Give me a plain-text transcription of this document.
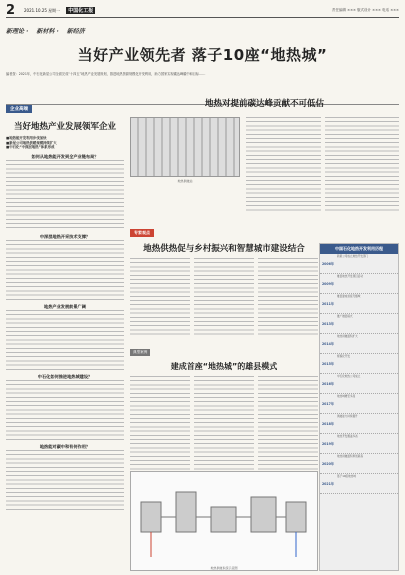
2	2021.10.25 星期一	中国化工报	责任编辑 ××× 版式设计 ××× 电话 ×××
新理论 · 新材料 · 新经济
当好产业领先者 落子10座“地热城”
编者按：2021年，中石化新星公司全面完成“十四五”地热产业发展规划，推进地热资源规模化开发利用，助力国家实现碳达峰碳中和目标……
企业高端
当好地热产业发展领军企业
■地热能开发利用步伐加快
■新星公司地热供暖规模持续扩大
■中石化“中深层地热”体系形成
如何从地热能开发到全产业链布局？
中深层地热开采技术支撑？
地热产业发展前景广阔
中石化如何推进地热城建设？
地热能对碳中和有何作用？
地热对提前碳达峰贡献不可低估
地热供暖站
专家观点
地热供热促与乡村振兴和智慧城市建设结合
典型案例
建成首座“地热城”的雄县模式
地热供暖系统示意图
中国石化地热开发利用历程
2006年
新星公司成立地热开发部门
2009年
雄县地热开发项目启动
2011年
雄县建成首座无烟城
2013年
推广雄县模式
2014年
地热供暖面积扩大
2015年
规模化开发
2016年
中石化地热公司成立
2017年
地热城增至多座
2018年
供暖能力持续提升
2019年
地热开发覆盖多省
2020年
地热供暖面积再创新高
2021年
落子10座地热城
